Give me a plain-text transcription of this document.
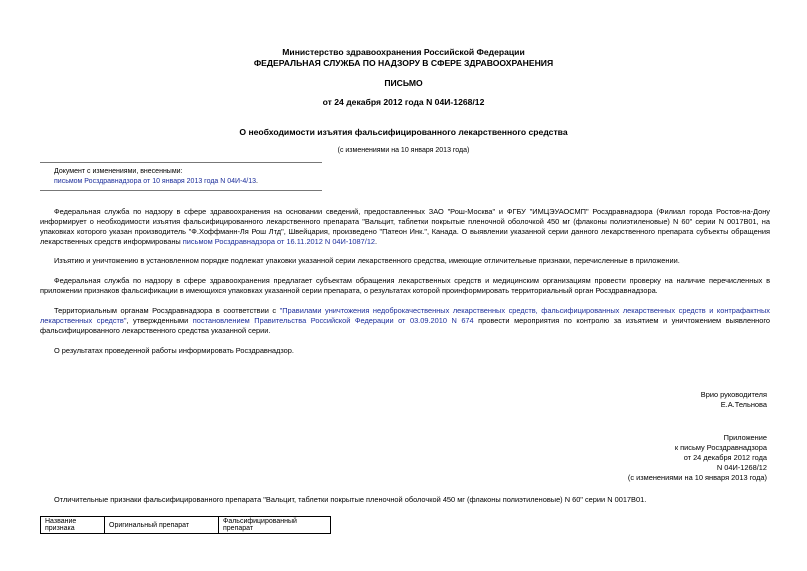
Министерство здравоохранения Российской Федерации
ФЕДЕРАЛЬНАЯ СЛУЖБА ПО НАДЗОРУ В СФЕРЕ ЗДРАВООХРАНЕНИЯ
ПИСЬМО
от 24 декабря 2012 года N 04И-1268/12
О необходимости изъятия фальсифицированного лекарственного средства
(с изменениями на 10 января 2013 года)
Документ с изменениями, внесенными:
письмом Росздравнадзора от 10 января 2013 года N 04И-4/13.
Федеральная служба по надзору в сфере здравоохранения на основании сведений, предоставленных ЗАО "Рош-Москва" и ФГБУ "ИМЦЭУАОСМП" Росздравнадзора (Филиал города Ростов-на-Дону информирует о необходимости изъятия фальсифицированного лекарственного препарата "Вальцит, таблетки покрытые пленочной оболочкой 450 мг (флаконы полиэтиленовые) N 60" серии N 0017В01, на упаковках которого указан производитель "Ф.Хоффманн-Ля Рош Лтд", Швейцария, произведено "Патеон Инк.", Канада. О выявлении указанной серии данного лекарственного препарата субъекты обращения лекарственных средств информированы письмом Росздравнадзора от 16.11.2012 N 04И-1087/12.
Изъятию и уничтожению в установленном порядке подлежат упаковки указанной серии лекарственного средства, имеющие отличительные признаки, перечисленные в приложении.
Федеральная служба по надзору в сфере здравоохранения предлагает субъектам обращения лекарственных средств и медицинским организациям провести проверку на наличие перечисленных в приложении признаков фальсификации в имеющихся упаковках указанной серии препарата, о результатах которой проинформировать территориальный орган Росздравнадзора.
Территориальным органам Росздравнадзора в соответствии с "Правилами уничтожения недоброкачественных лекарственных средств, фальсифицированных лекарственных средств и контрафактных лекарственных средств", утвержденными постановлением Правительства Российской Федерации от 03.09.2010 N 674 провести мероприятия по контролю за изъятием и уничтожением выявленного фальсифицированного лекарственного средства указанной серии.
О результатах проведенной работы информировать Росздравнадзор.
Врио руководителя
Е.А.Тельнова
Приложение
к письму Росздравнадзора
от 24 декабря 2012 года
N 04И-1268/12
(с изменениями на 10 января 2013 года)
Отличительные признаки фальсифицированного препарата "Вальцит, таблетки покрытые пленочной оболочкой 450 мг (флаконы полиэтиленовые) N 60" серии N 0017В01.
Название признака	Оригинальный препарат	Фальсифицированный препарат
